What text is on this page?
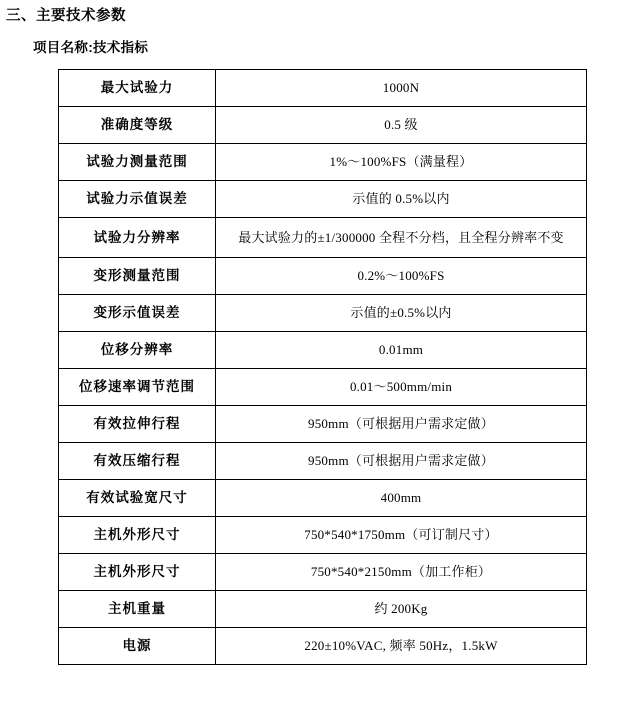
三、主要技术参数
项目名称:技术指标
最大试验力	1000N
准确度等级	0.5 级
试验力测量范围	1%～100%FS（满量程）
试验力示值误差	示值的 0.5%以内
试验力分辨率	最大试验力的±1/300000 全程不分档，且全程分辨率不变
变形测量范围	0.2%～100%FS
变形示值误差	示值的±0.5%以内
位移分辨率	0.01mm
位移速率调节范围	0.01～500mm/min
有效拉伸行程	950mm（可根据用户需求定做）
有效压缩行程	950mm（可根据用户需求定做）
有效试验宽尺寸	400mm
主机外形尺寸	750*540*1750mm（可订制尺寸）
主机外形尺寸	750*540*2150mm（加工作柜）
主机重量	约 200Kg
电源	220±10%VAC, 频率 50Hz，1.5kW
